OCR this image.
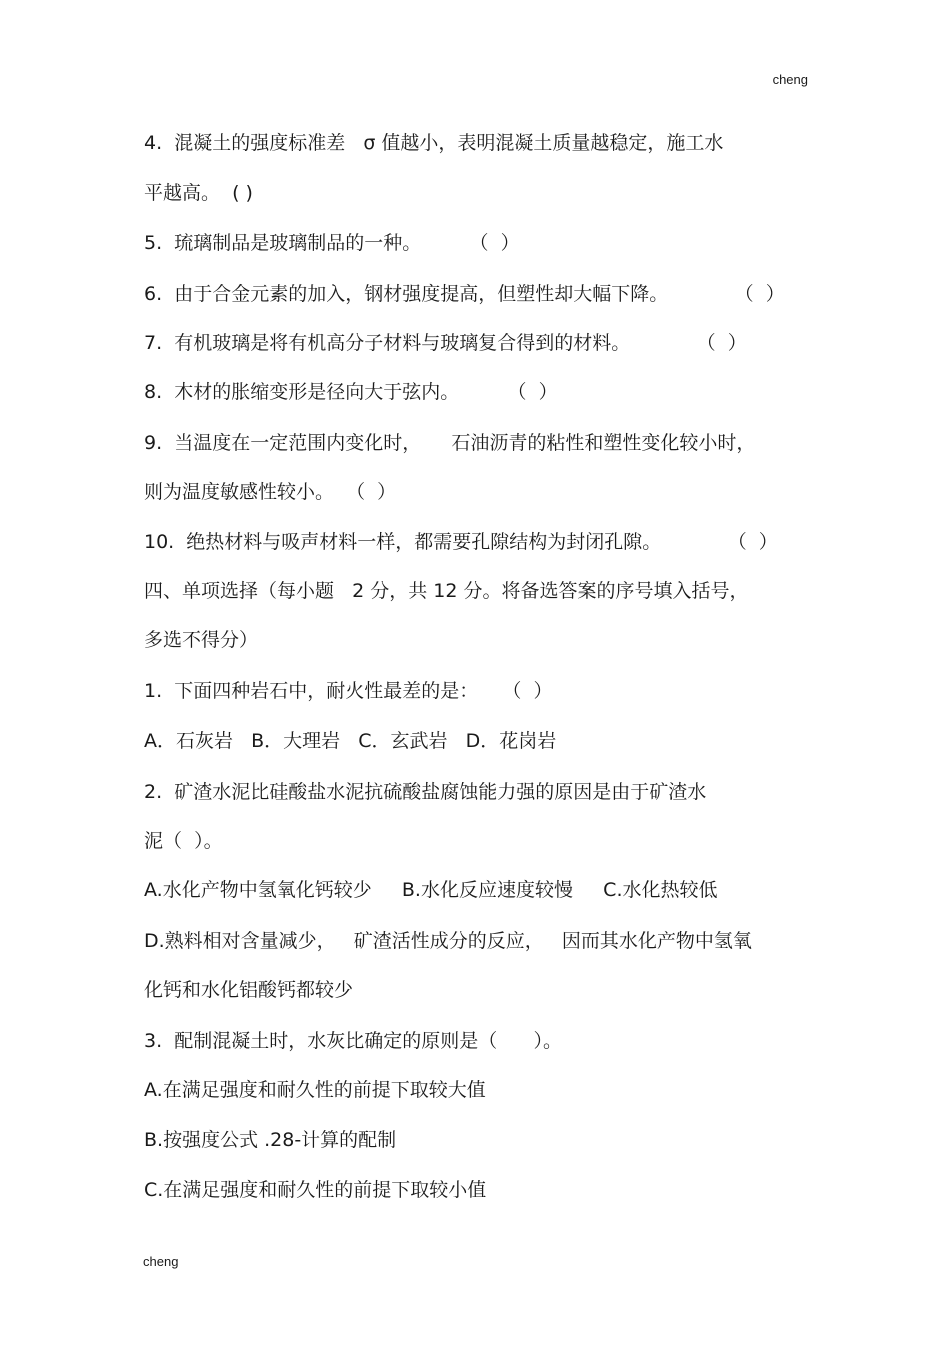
cheng
4.  混凝土的强度标准差   σ 值越小，表明混凝土质量越稳定，施工水
平越高。  ( )
5.  琉璃制品是玻璃制品的一种。        （  ）
6.  由于合金元素的加入，钢材强度提高，但塑性却大幅下降。           （  ）
7.  有机玻璃是将有机高分子材料与玻璃复合得到的材料。           （  ）
8.  木材的胀缩变形是径向大于弦内。        （  ）
9.  当温度在一定范围内变化时，     石油沥青的粘性和塑性变化较小时，
则为温度敏感性较小。  （  ）
10.  绝热材料与吸声材料一样，都需要孔隙结构为封闭孔隙。           （  ）
四、单项选择（每小题   2 分，共 12 分。将备选答案的序号填入括号，
多选不得分）
1.  下面四种岩石中，耐火性最差的是：    （  ）
A．石灰岩   B．大理岩   C．玄武岩   D．花岗岩
2.  矿渣水泥比硅酸盐水泥抗硫酸盐腐蚀能力强的原因是由于矿渣水
泥（  ）。
A.水化产物中氢氧化钙较少     B.水化反应速度较慢     C.水化热较低
D.熟料相对含量减少，   矿渣活性成分的反应，   因而其水化产物中氢氧
化钙和水化铝酸钙都较少
3.  配制混凝土时，水灰比确定的原则是（      ）。
A.在满足强度和耐久性的前提下取较大值
B.按强度公式 .28-计算的配制
C.在满足强度和耐久性的前提下取较小值
cheng
